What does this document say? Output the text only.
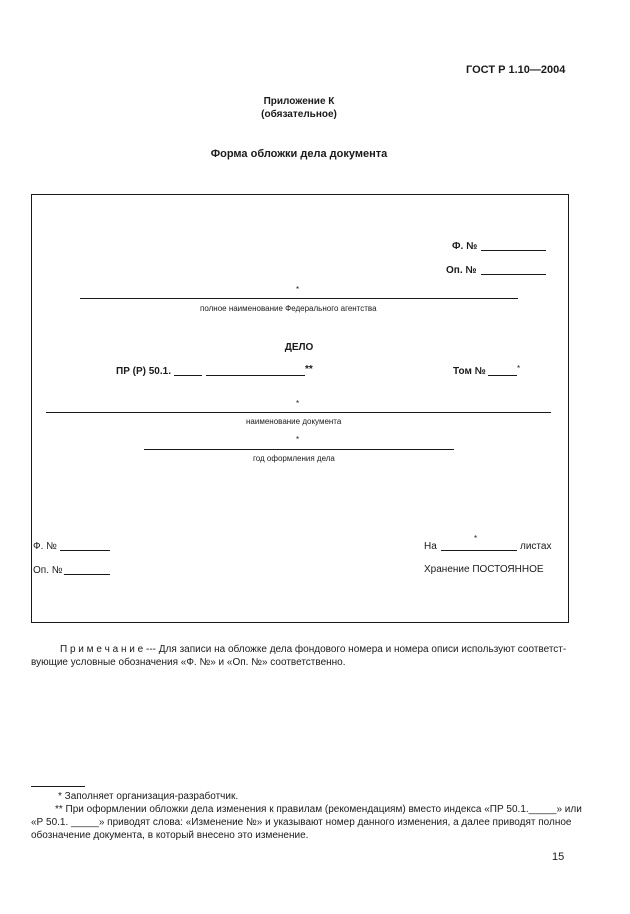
ГОСТ Р 1.10—2004
Приложение К
(обязательное)
Форма обложки дела документа
Ф. №
Оп. №
*
полное наименование Федерального агентства
ДЕЛО
ПР (Р) 50.1.	**	Том №	*
*
наименование документа
*
год оформления дела
Ф. №
Оп. №
*
На	листах
Хранение ПОСТОЯННОЕ
П р и м е ч а н и е --- Для записи на обложке дела фондового номера и номера описи используют соответст-
вующие условные обозначения «Ф. №» и «Оп. №» соответственно.
* Заполняет организация-разработчик.
** При оформлении обложки дела изменения к правилам (рекомендациям) вместо индекса «ПР 50.1._____» или
«Р 50.1. _____» приводят слова: «Изменение №» и указывают номер данного изменения, а далее приводят полное
обозначение документа, в который внесено это изменение.
15
